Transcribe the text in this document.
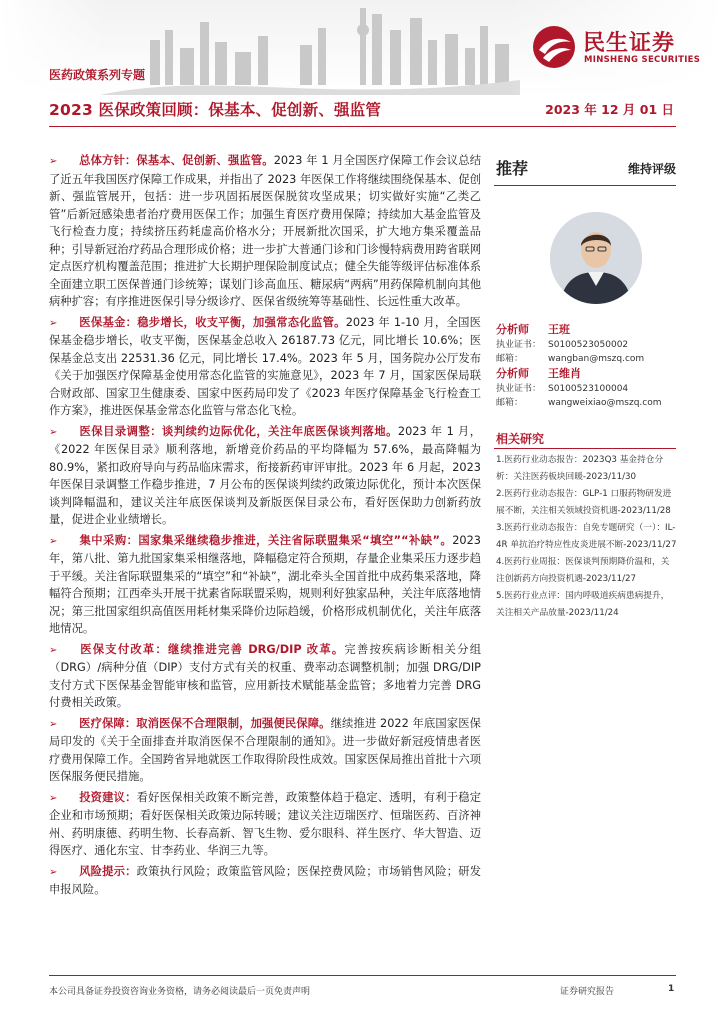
民生证券
MINSHENG SECURITIES
医药政策系列专题
2023 医保政策回顾：保基本、促创新、强监管	2023 年 12 月 01 日

➢ 总体方针：保基本、促创新、强监管。2023 年 1 月全国医疗保障工作会议总结了近五年我国医疗保障工作成果，并指出了 2023 年医保工作将继续围绕保基本、促创新、强监管展开，包括：进一步巩固拓展医保脱贫攻坚成果；切实做好实施“乙类乙管”后新冠感染患者治疗费用医保工作；加强生育医疗费用保障；持续加大基金监管及飞行检查力度；持续挤压药耗虚高价格水分；开展新批次国采，扩大地方集采覆盖品种；引导新冠治疗药品合理形成价格；进一步扩大普通门诊和门诊慢特病费用跨省联网定点医疗机构覆盖范围；推进扩大长期护理保险制度试点；健全失能等级评估标准体系全面建立职工医保普通门诊统筹；谋划门诊高血压、糖尿病“两病”用药保障机制向其他病种扩容；有序推进医保引导分级诊疗、医保省级统筹等基础性、长远性重大改革。

➢ 医保基金：稳步增长，收支平衡，加强常态化监管。2023 年 1-10 月，全国医保基金稳步增长，收支平衡，医保基金总收入 26187.73 亿元，同比增长 10.6%；医保基金总支出 22531.36 亿元，同比增长 17.4%。2023 年 5 月，国务院办公厅发布《关于加强医疗保障基金使用常态化监管的实施意见》，2023 年 7 月，国家医保局联合财政部、国家卫生健康委、国家中医药局印发了《2023 年医疗保障基金飞行检查工作方案》，推进医保基金常态化监管与常态化飞检。

➢ 医保目录调整：谈判续约边际优化，关注年底医保谈判落地。2023 年 1 月，《2022 年医保目录》顺利落地，新增竞价药品的平均降幅为 57.6%，最高降幅为 80.9%，紧扣政府导向与药品临床需求，衔接新药审评审批。2023 年 6 月起，2023 年医保目录调整工作稳步推进，7 月公布的医保谈判续约政策边际优化，预计本次医保谈判降幅温和，建议关注年底医保谈判及新版医保目录公布，看好医保助力创新药放量，促进企业业绩增长。

➢ 集中采购：国家集采继续稳步推进，关注省际联盟集采“填空”“补缺”。2023 年，第八批、第九批国家集采相继落地，降幅稳定符合预期，存量企业集采压力逐步趋于平缓。关注省际联盟集采的“填空”和“补缺”，湖北牵头全国首批中成药集采落地，降幅符合预期；江西牵头开展干扰素省际联盟采购，规则利好独家品种，关注年底落地情况；第三批国家组织高值医用耗材集采降价边际趋缓，价格形成机制优化，关注年底落地情况。

➢ 医保支付改革：继续推进完善 DRG/DIP 改革。完善按疾病诊断相关分组（DRG）/病种分值（DIP）支付方式有关的权重、费率动态调整机制；加强 DRG/DIP 支付方式下医保基金智能审核和监管，应用新技术赋能基金监管；多地着力完善 DRG 付费相关政策。

➢ 医疗保障：取消医保不合理限制，加强便民保障。继续推进 2022 年底国家医保局印发的《关于全面排查并取消医保不合理限制的通知》。进一步做好新冠疫情患者医疗费用保障工作。全国跨省异地就医工作取得阶段性成效。国家医保局推出首批十六项医保服务便民措施。

➢ 投资建议：看好医保相关政策不断完善，政策整体趋于稳定、透明，有利于稳定企业和市场预期；看好医保相关政策边际转暖；建议关注迈瑞医疗、恒瑞医药、百济神州、药明康德、药明生物、长春高新、智飞生物、爱尔眼科、祥生医疗、华大智造、迈得医疗、通化东宝、甘李药业、华润三九等。

➢ 风险提示：政策执行风险；政策监管风险；医保控费风险；市场销售风险；研发申报风险。

推荐	维持评级
分析师 王班
执业证书： S0100523050002
邮箱：	wangban@mszq.com
分析师 王维肖
执业证书： S0100523100004
邮箱：	wangweixiao@mszq.com
相关研究
1.医药行业动态报告：2023Q3 基金持仓分析：关注医药板块回暖-2023/11/30
2.医药行业动态报告：GLP-1 口服药物研发进展不断，关注相关领域投资机遇-2023/11/28
3.医药行业动态报告：自免专题研究（一）：IL-4R 单抗治疗特应性皮炎进展不断-2023/11/27
4.医药行业周报：医保谈判预期降价温和，关注创新药方向投资机遇-2023/11/27
5.医药行业点评：国内呼吸道疾病患病提升，关注相关产品放量-2023/11/24
本公司具备证券投资咨询业务资格，请务必阅读最后一页免责声明	证券研究报告	1
